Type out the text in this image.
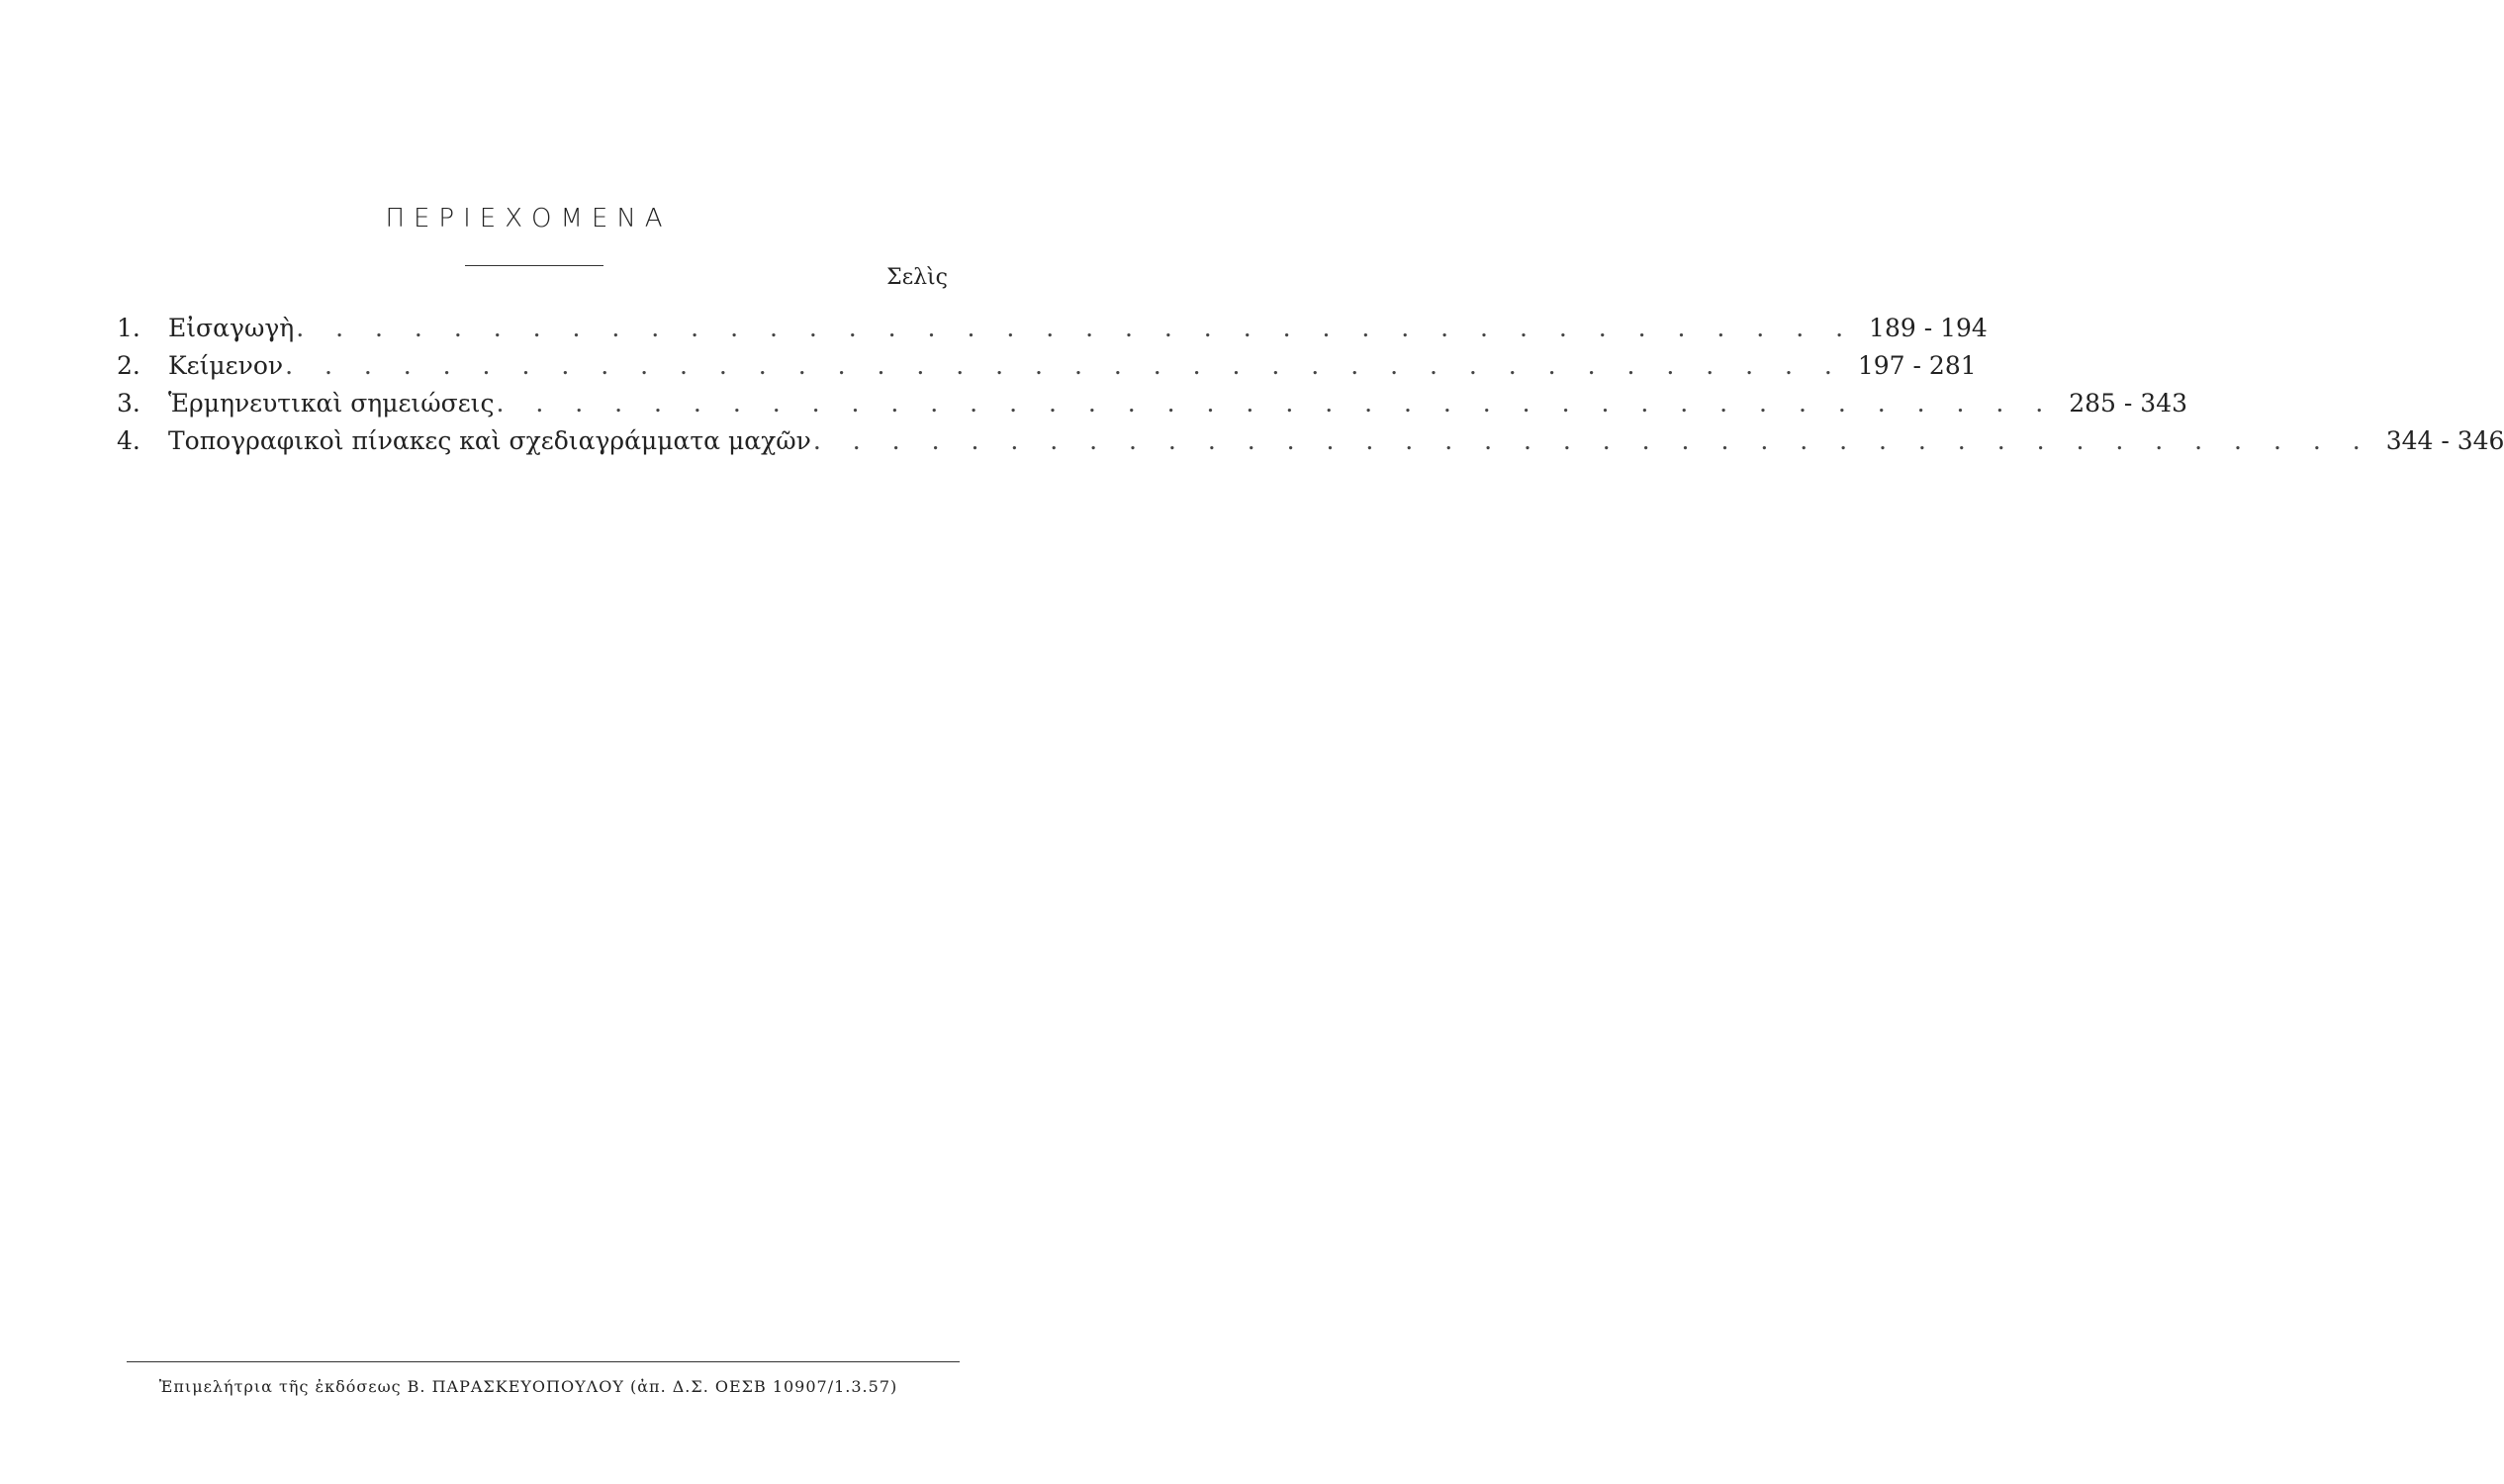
ΠΕΡΙΕΧΟΜΕΝΑ
Σελὶς
1.	Εἰσαγωγὴ . . . . . . . . . . . . . . . . . . . . . . . . . . . . . . . . . . . . . . . . 189 - 194
2.	Κείμενον . . . . . . . . . . . . . . . . . . . . . . . . . . . . . . . . . . . . . . . . 197 - 281
3.	Ἑρμηνευτικαὶ σημειώσεις . . . . . . . . . . . . . . . . . . . . . . . . . . . . . . . . . . . . . . . . 285 - 343
4.	Τοπογραφικοὶ πίνακες καὶ σχεδιαγράμματα μαχῶν . . . . . . . . . . . . . . . . . . . . . . . . . . . . . . . . . . . . . . . . 344 - 346
Ἐπιμελήτρια τῆς ἐκδόσεως Β. ΠΑΡΑΣΚΕΥΟΠΟΥΛΟΥ (ἀπ. Δ.Σ. ΟΕΣΒ 10907/1.3.57)
